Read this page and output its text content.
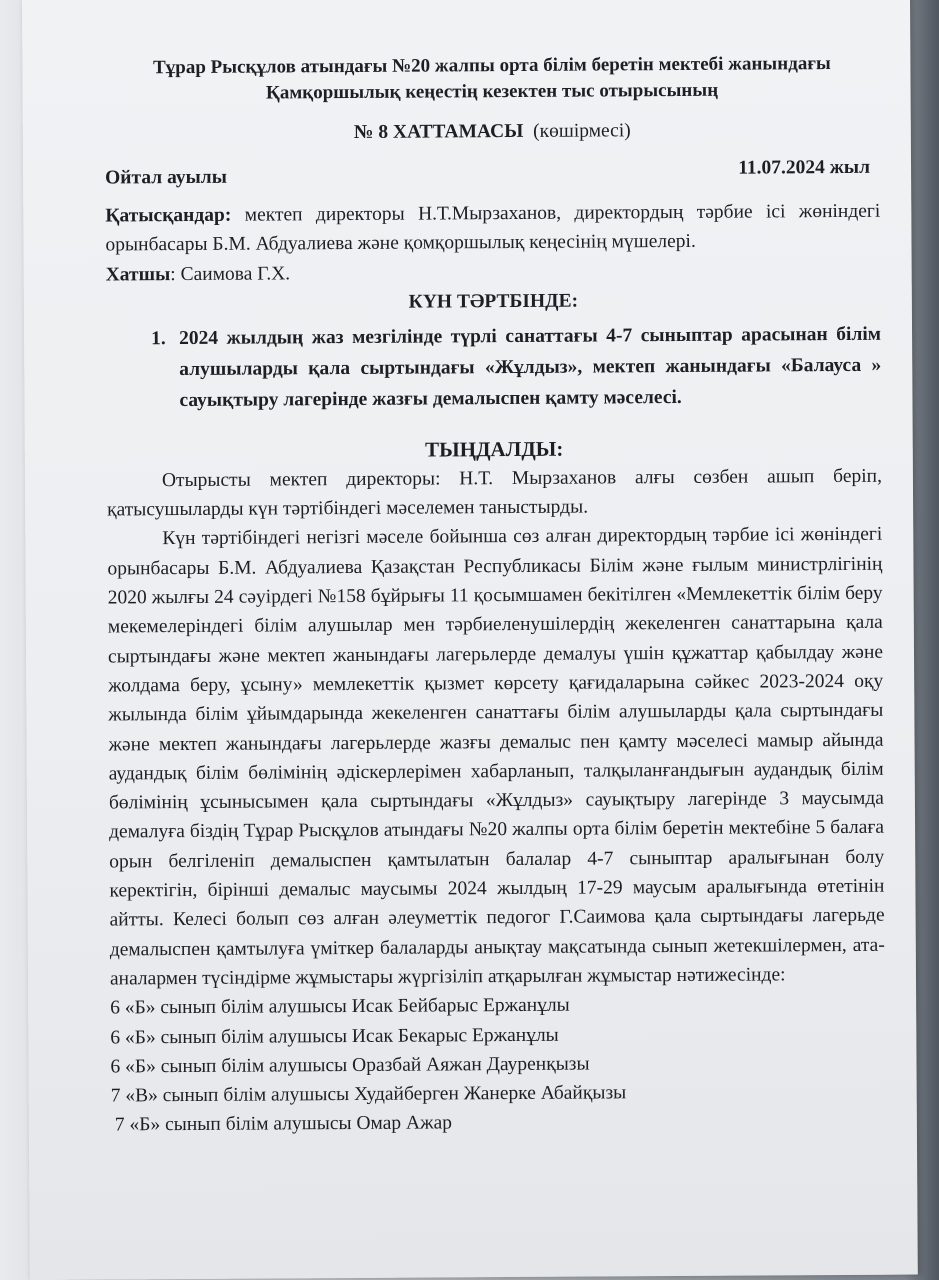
Тұрар Рысқұлов атындағы №20 жалпы орта білім беретін мектебі жанындағы
Қамқоршылық кеңестің кезектен тыс отырысының
№ 8 ХАТТАМАСЫ (көшірмесі)
Ойтал ауылы	11.07.2024 жыл
Қатысқандар: мектеп директоры Н.Т.Мырзаханов, директордың тәрбие ісі жөніндегі орынбасары Б.М. Абдуалиева және қомқоршылық кеңесінің мүшелері.
Хатшы: Саимова Г.Х.
КҮН ТӘРТБІНДЕ:
1. 2024 жылдың жаз мезгілінде түрлі санаттағы 4-7 сыныптар арасынан білім алушыларды қала сыртындағы «Жұлдыз», мектеп жанындағы «Балауса » сауықтыру лагерінде жазғы демалыспен қамту мәселесі.
ТЫҢДАЛДЫ:
Отырысты мектеп директоры: Н.Т. Мырзаханов алғы сөзбен ашып беріп, қатысушыларды күн тәртібіндегі мәселемен таныстырды.
Күн тәртібіндегі негізгі мәселе бойынша сөз алған директордың тәрбие ісі жөніндегі орынбасары Б.М. Абдуалиева Қазақстан Республикасы Білім және ғылым министрлігінің 2020 жылғы 24 сәуірдегі №158 бұйрығы 11 қосымшамен бекітілген «Мемлекеттік білім беру мекемелеріндегі білім алушылар мен тәрбиеленушілердің жекеленген санаттарына қала сыртындағы және мектеп жанындағы лагерьлерде демалуы үшін құжаттар қабылдау және жолдама беру, ұсыну» мемлекеттік қызмет көрсету қағидаларына сәйкес 2023-2024 оқу жылында білім ұйымдарында жекеленген санаттағы білім алушыларды қала сыртындағы және мектеп жанындағы лагерьлерде жазғы демалыс пен қамту мәселесі мамыр айында аудандық білім бөлімінің әдіскерлерімен хабарланып, талқыланғандығын аудандық білім бөлімінің ұсынысымен қала сыртындағы «Жұлдыз» сауықтыру лагерінде 3 маусымда демалуға біздің Тұрар Рысқұлов атындағы №20 жалпы орта білім беретін мектебіне 5 балаға орын белгіленіп демалыспен қамтылатын балалар 4-7 сыныптар аралығынан болу керектігін, бірінші демалыс маусымы 2024 жылдың 17-29 маусым аралығында өтетінін айтты. Келесі болып сөз алған әлеуметтік педогог Г.Саимова қала сыртындағы лагерьде демалыспен қамтылуға үміткер балаларды анықтау мақсатында сынып жетекшілермен, ата-аналармен түсіндірме жұмыстары жүргізіліп атқарылған жұмыстар нәтижесінде:
6 «Б» сынып білім алушысы Исак Бейбарыс Ержанұлы
6 «Б» сынып білім алушысы Исак Бекарыс Ержанұлы
6 «Б» сынып білім алушысы Оразбай Аяжан Дауренқызы
7 «В» сынып білім алушысы Худайберген Жанерке Абайқызы
7 «Б» сынып білім алушысы Омар Ажар
